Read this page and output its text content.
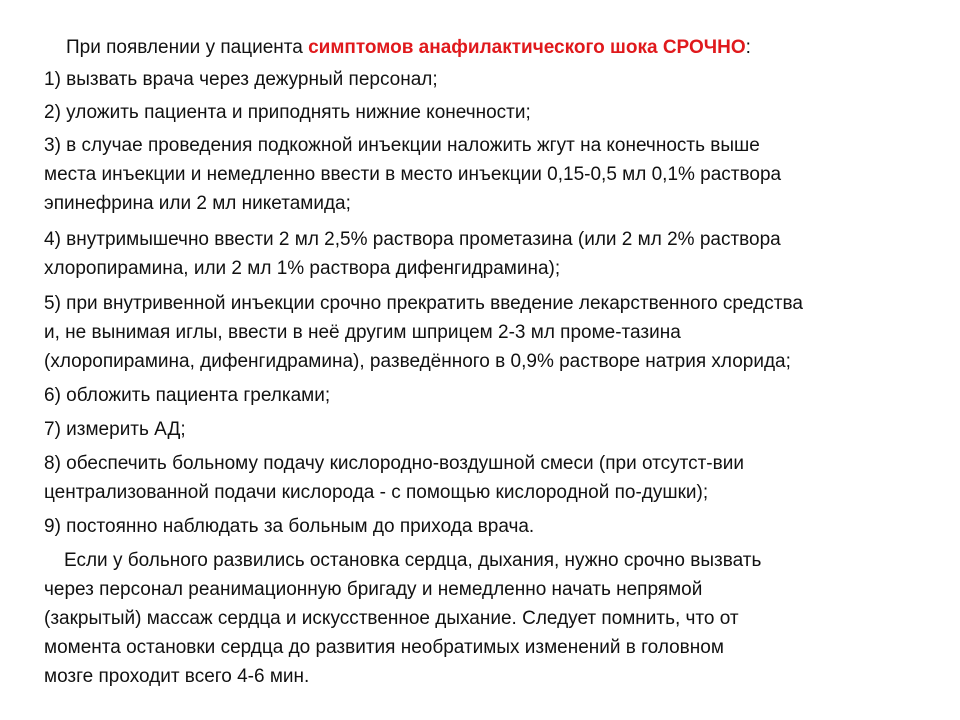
При появлении у пациента симптомов анафилактического шока СРОЧНО:
1) вызвать врача через дежурный персонал;
2) уложить пациента и приподнять нижние конечности;
3) в случае проведения подкожной инъекции наложить жгут на конечность выше
места инъекции и немедленно ввести в место инъекции 0,15-0,5 мл 0,1% раствора
эпинефрина или 2 мл никетамида;
4) внутримышечно ввести 2 мл 2,5% раствора прометазина (или 2 мл 2% раствора
хлоропирамина, или 2 мл 1% раствора дифенгидрамина);
5) при внутривенной инъекции срочно прекратить введение лекарственного средства
и, не вынимая иглы, ввести в неё другим шприцем 2-3 мл проме-тазина
(хлоропирамина, дифенгидрамина), разведённого в 0,9% растворе натрия хлорида;
6) обложить пациента грелками;
7) измерить АД;
8) обеспечить больному подачу кислородно-воздушной смеси (при отсутст-вии
централизованной подачи кислорода - с помощью кислородной по-душки);
9) постоянно наблюдать за больным до прихода врача.
Если у больного развились остановка сердца, дыхания, нужно срочно вызвать
через персонал реанимационную бригаду и немедленно начать непрямой
(закрытый) массаж сердца и искусственное дыхание. Следует помнить, что от
момента остановки сердца до развития необратимых изменений в головном
мозге проходит всего 4-6 мин.
